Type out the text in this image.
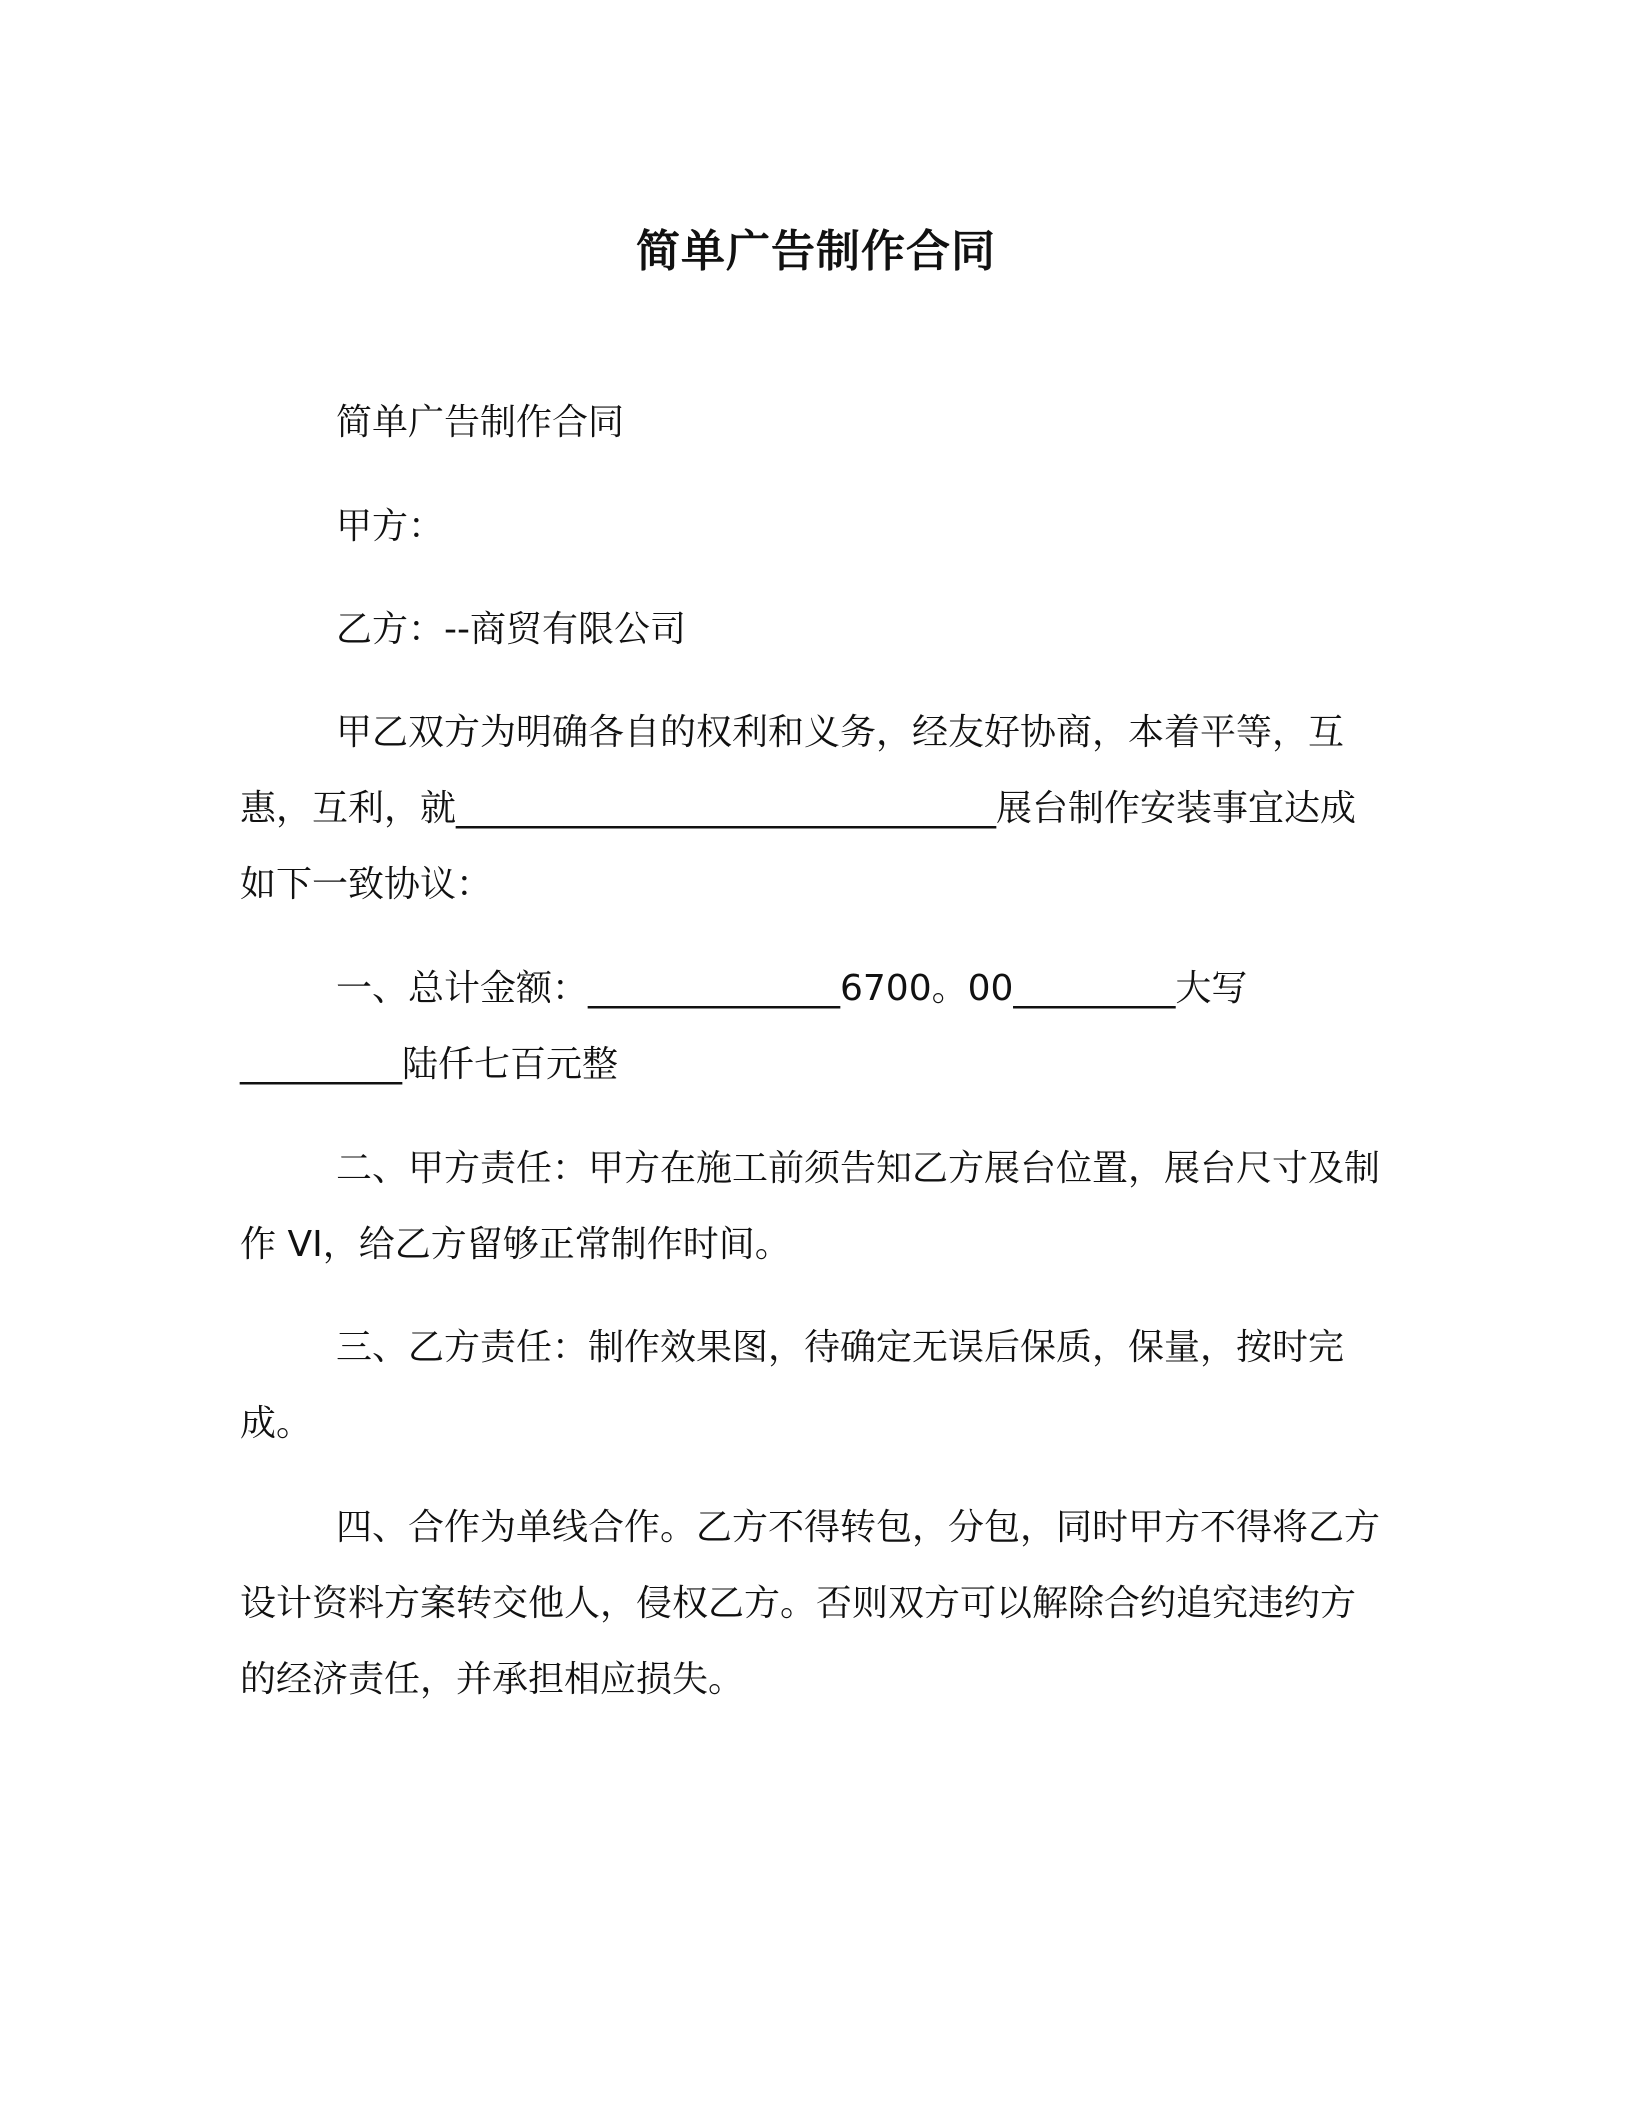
简单广告制作合同
简单广告制作合同
甲方：
乙方：--商贸有限公司
甲乙双方为明确各自的权利和义务，经友好协商，本着平等，互惠，互利，就______________________________展台制作安装事宜达成如下一致协议：
一、总计金额：______________6700。00_________大写_________陆仟七百元整
二、甲方责任：甲方在施工前须告知乙方展台位置，展台尺寸及制作 VI，给乙方留够正常制作时间。
三、乙方责任：制作效果图，待确定无误后保质，保量，按时完成。
四、合作为单线合作。乙方不得转包，分包，同时甲方不得将乙方设计资料方案转交他人，侵权乙方。否则双方可以解除合约追究违约方的经济责任，并承担相应损失。
